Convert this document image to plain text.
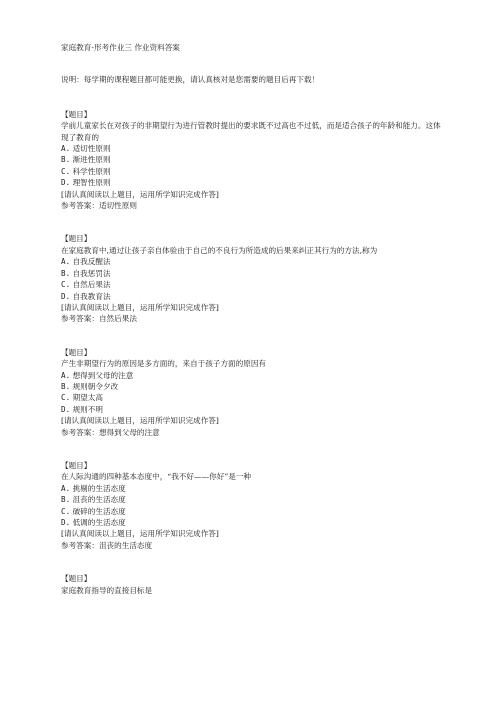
家庭教育-形考作业三 作业资料答案

说明：每学期的课程题目都可能更换，请认真核对是您需要的题目后再下载！

【题目】

学前儿童家长在对孩子的非期望行为进行管教时提出的要求既不过高也不过低，而是适合孩子的年龄和能力。这体现了教育的

A. 适切性原则

B. 渐进性原则

C. 科学性原则

D. 理智性原则

[请认真阅读以上题目，运用所学知识完成作答]

参考答案：适切性原则

【题目】

在家庭教育中,通过让孩子亲自体验由于自己的不良行为所造成的后果来纠正其行为的方法,称为

A. 自我反醒法

B. 自我惩罚法

C. 自然后果法

D. 自我教育法

[请认真阅读以上题目，运用所学知识完成作答]

参考答案：自然后果法

【题目】

产生非期望行为的原因是多方面的，来自于孩子方面的原因有

A. 想得到父母的注意

B. 规则朝令夕改

C. 期望太高

D. 规则不明

[请认真阅读以上题目，运用所学知识完成作答]

参考答案：想得到父母的注意

【题目】

在人际沟通的四种基本态度中，“我不好——你好”是一种

A. 挑剔的生活态度

B. 沮丧的生活态度

C. 破碎的生活态度

D. 低调的生活态度

[请认真阅读以上题目，运用所学知识完成作答]

参考答案：沮丧的生活态度

【题目】

家庭教育指导的直接目标是
